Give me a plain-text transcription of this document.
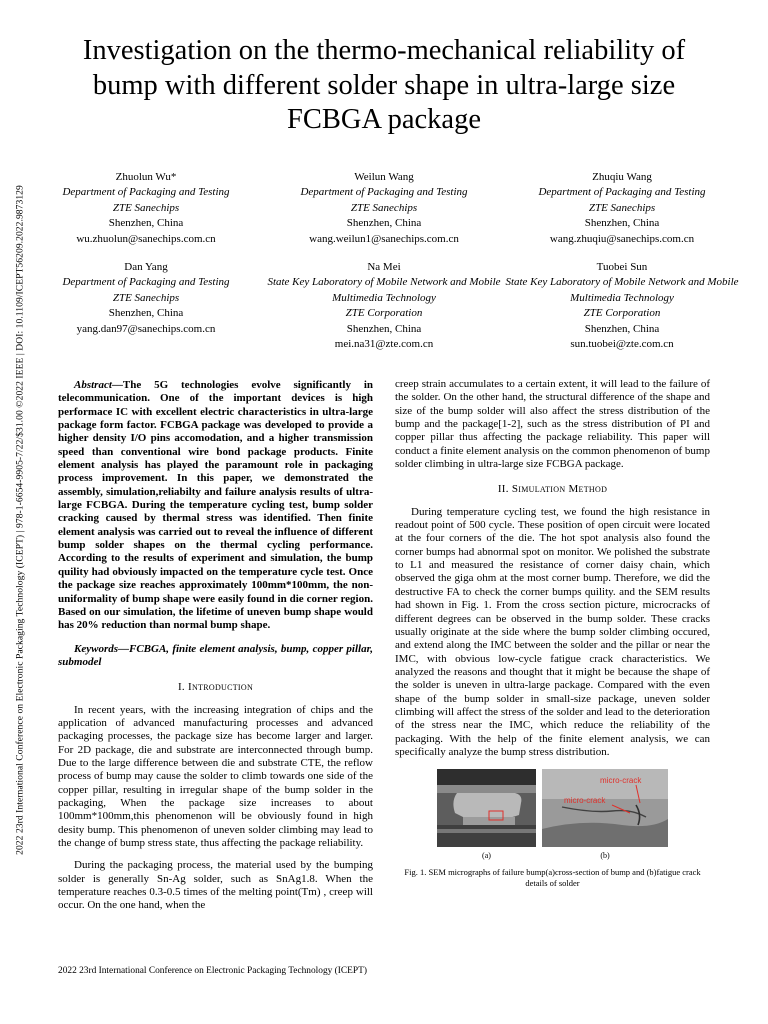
2022 23rd International Conference on Electronic Packaging Technology (ICEPT) | 978-1-6654-9905-7/22/$31.00 ©2022 IEEE | DOI: 10.1109/ICEPT56209.2022.9873129
Investigation on the thermo-mechanical reliability of bump with different solder shape in ultra-large size FCBGA package
Zhuolun Wu*
Department of Packaging and Testing
ZTE Sanechips
Shenzhen, China
wu.zhuolun@sanechips.com.cn
Weilun Wang
Department of Packaging and Testing
ZTE Sanechips
Shenzhen, China
wang.weilun1@sanechips.com.cn
Zhuqiu Wang
Department of Packaging and Testing
ZTE Sanechips
Shenzhen, China
wang.zhuqiu@sanechips.com.cn
Dan Yang
Department of Packaging and Testing
ZTE Sanechips
Shenzhen, China
yang.dan97@sanechips.com.cn
Na Mei
State Key Laboratory of Mobile Network and Mobile Multimedia Technology
ZTE Corporation
Shenzhen, China
mei.na31@zte.com.cn
Tuobei Sun
State Key Laboratory of Mobile Network and Mobile Multimedia Technology
ZTE Corporation
Shenzhen, China
sun.tuobei@zte.com.cn

Abstract—The 5G technologies evolve significantly in telecommunication. One of the important devices is high performace IC with excellent electric characteristics in ultra-large package form factor. FCBGA package was developed to provide a higher density I/O pins accomodation, and a higher transmission speed than conventional wire bond package products. Finite element analysis has played the paramount role in packaging process improvement. In this paper, we demonstrated the assembly, simulation,reliabilty and failure analysis results of ultra-large FCBGA. During the temperature cycling test, bump solder cracking caused by thermal stress was identified. Then finite element analysis was carried out to reveal the influence of different bump solder shapes on the thermal cycling performance. According to the results of experiment and simulation, the bump quility had obviously impacted on the temperature cycle test. Once the package size reaches approximately 100mm*100mm, the non-uniformality of bump shape were easily found in die corner region. Based on our simulation, the lifetime of uneven bump shape would has 20% reduction than normal bump shape.

Keywords—FCBGA, finite element analysis, bump, copper pillar, submodel

I. Introduction

In recent years, with the increasing integration of chips and the application of advanced manufacturing processes and advanced packaging processes, the package size has become larger and larger. For 2D package, die and substrate are interconnected through bump. Due to the large difference between die and substrate CTE, the reflow process of bump may cause the solder to climb towards one side of the copper pillar, resulting in irregular shape of the bump solder in the packaging, When the package size increases to about 100mm*100mm,this phenomenon will be obviously found in high desity bump. This phenomenon of uneven solder climbing may lead to the change of bump stress state, thus affecting the package reliability.

During the packaging process, the material used by the bumping solder is generally Sn-Ag solder, such as SnAg1.8. When the temperature reaches 0.3-0.5 times of the melting point(Tm) , creep will occur. On the one hand, when the

creep strain accumulates to a certain extent, it will lead to the failure of the solder. On the other hand, the structural difference of the shape and size of the bump solder will also affect the stress distribution of the bump and the package[1-2], such as the stress distribution of PI and copper pillar thus affecting the package reliability. This paper will conduct a finite element analysis on the common phenomenon of bump solder climbing in ultra-large size FCBGA package.

II. Simulation Method

During temperature cycling test, we found the high resistance in readout point of 500 cycle. These position of open circuit were located at the four corners of the die. The hot spot analysis also found the corner bumps had abnormal spot on monitor. We polished the substrate to L1 and measured the resistance of corner daisy chain, which observed the giga ohm at the most corner bump. Therefore, we did the destructive FA to check the corner bumps quility. and the SEM results had shown in Fig. 1. From the cross section picture, microcracks of different degrees can be observed in the bump solder. These cracks usually originate at the side where the bump solder climbing occured, and extend along the IMC between the solder and the pillar or near the IMC, with obvious low-cycle fatigue crack characteristics. We analyzed the reasons and thought that it might be because the shape of the solder is uneven in ultra-large package. Compared with the even shape of the bump solder in small-size package, uneven solder climbing will affect the stress of the solder and lead to the deterioration of the stress near the IMC, which reduce the reliability of the packaging. With the help of the finite element analysis, we can specifically analyze the bump stress distribution.

(a)
micro-crack
micro-crack
(b)
Fig. 1. SEM micrographs of failure bump(a)cross-section of bump and (b)fatigue crack details of solder
2022 23rd International Conference on Electronic Packaging Technology (ICEPT)
